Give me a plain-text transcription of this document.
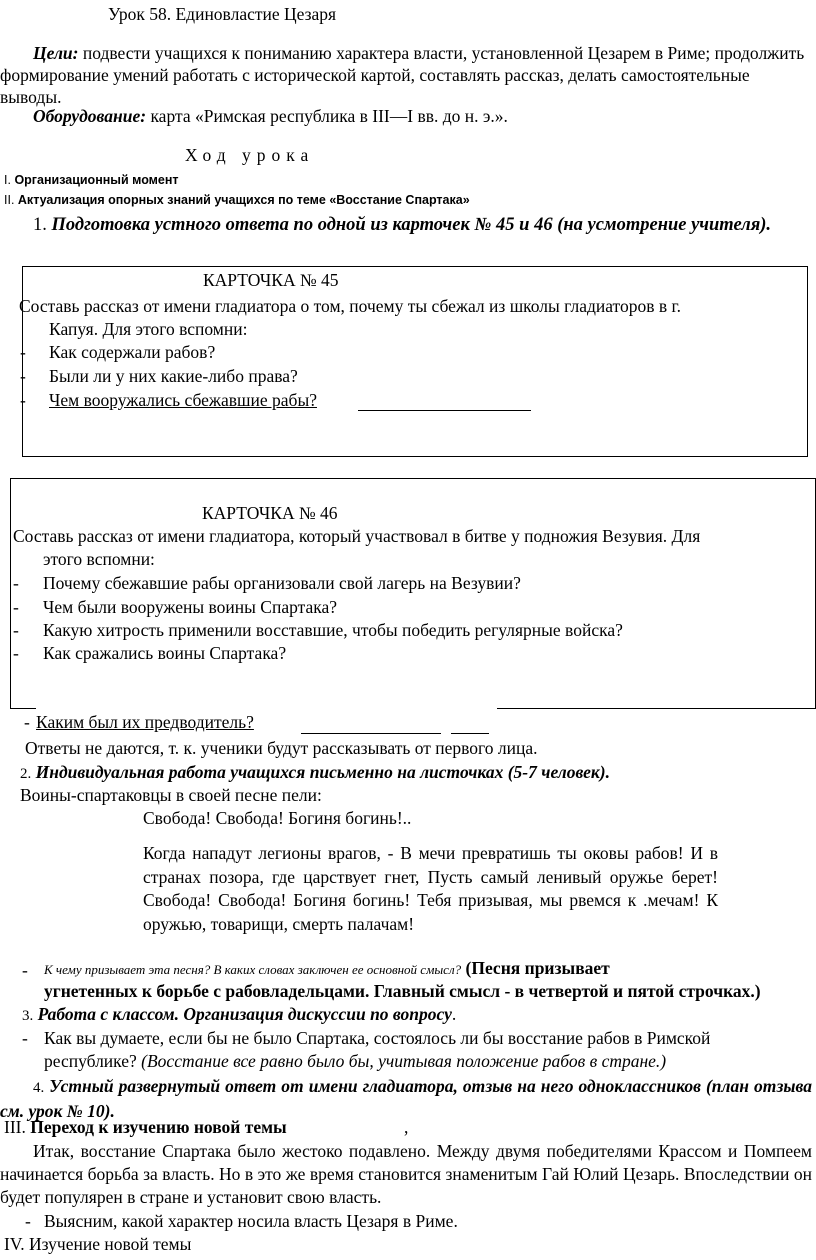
Урок 58. Единовластие Цезаря
Цели: подвести учащихся к пониманию характера власти, установленной Цезарем в Риме; продолжить формирование умений работать с исторической картой, составлять рассказ, делать самостоятельные выводы.
Оборудование: карта «Римская республика в III—I вв. до н. э.».
Ход урока
I. Организационный момент
II. Актуализация опорных знаний учащихся по теме «Восстание Спартака»
1. Подготовка устного ответа по одной из карточек № 45 и 46 (на усмотрение учителя).
КАРТОЧКА № 45
Составь рассказ от имени гладиатора о том, почему ты сбежал из школы гладиаторов в г.
Капуя. Для этого вспомни:
- Как содержали рабов?
- Были ли у них какие-либо права?
- Чем вооружались сбежавшие рабы?
КАРТОЧКА № 46
Составь рассказ от имени гладиатора, который участвовал в битве у подножия Везувия. Для
этого вспомни:
- Почему сбежавшие рабы организовали свой лагерь на Везувии?
- Чем были вооружены воины Спартака?
- Какую хитрость применили восставшие, чтобы победить регулярные войска?
- Как сражались воины Спартака?
- Каким был их предводитель?
Ответы не даются, т. к. ученики будут рассказывать от первого лица.
2. Индивидуальная работа учащихся письменно на листочках (5-7 человек).
Воины-спартаковцы в своей песне пели:
Свобода! Свобода! Богиня богинь!..
Когда нападут легионы врагов, - В мечи превратишь ты оковы рабов! И в странах позора, где царствует гнет, Пусть самый ленивый оружье берет! Свобода! Свобода! Богиня богинь! Тебя призывая, мы рвемся к .мечам! К оружью, товарищи, смерть палачам!
- К чему призывает эта песня? В каких словах заключен ее основной смысл? (Песня призывает
угнетенных к борьбе с рабовладельцами. Главный смысл - в четвертой и пятой строчках.)
3. Работа с классом. Организация дискуссии по вопросу.
- Как вы думаете, если бы не было Спартака, состоялось ли бы восстание рабов в Римской
республике? (Восстание все равно было бы, учитывая положение рабов в стране.)
4. Устный развернутый ответ от имени гладиатора, отзыв на него одноклассников (план отзыва см. урок № 10).
III. Переход к изучению новой темы	,
Итак, восстание Спартака было жестоко подавлено. Между двумя победителями Крассом и Помпеем начинается борьба за власть. Но в это же время становится знаменитым Гай Юлий Цезарь. Впоследствии он будет популярен в стране и установит свою власть.
- Выясним, какой характер носила власть Цезаря в Риме.
IV. Изучение новой темы
